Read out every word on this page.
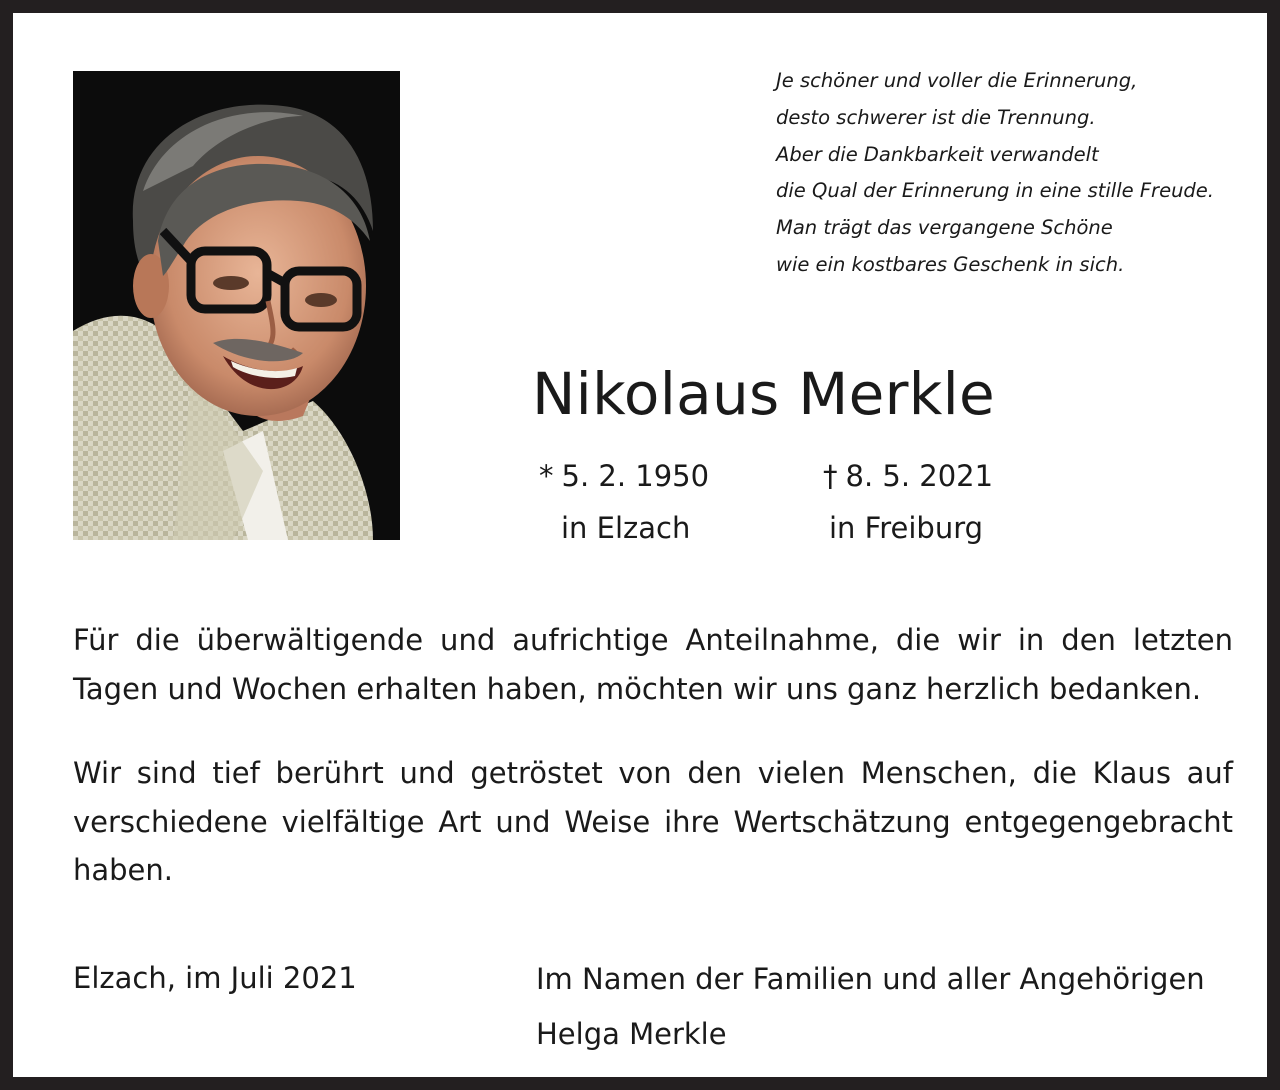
Je schöner und voller die Erinnerung,
desto schwerer ist die Trennung.
Aber die Dankbarkeit verwandelt
die Qual der Erinnerung in eine stille Freude.
Man trägt das vergangene Schöne
wie ein kostbares Geschenk in sich.
Nikolaus Merkle
* 5. 2. 1950
in Elzach
† 8. 5. 2021
in Freiburg

Für die überwältigende und aufrichtige Anteilnahme, die wir in den letzten Tagen und Wochen erhalten haben, möchten wir uns ganz herzlich bedanken.

Wir sind tief berührt und getröstet von den vielen Menschen, die Klaus auf verschiedene vielfältige Art und Weise ihre Wertschätzung entgegengebracht haben.

Elzach, im Juli 2021	Im Namen der Familien und aller Angehörigen
Helga Merkle
